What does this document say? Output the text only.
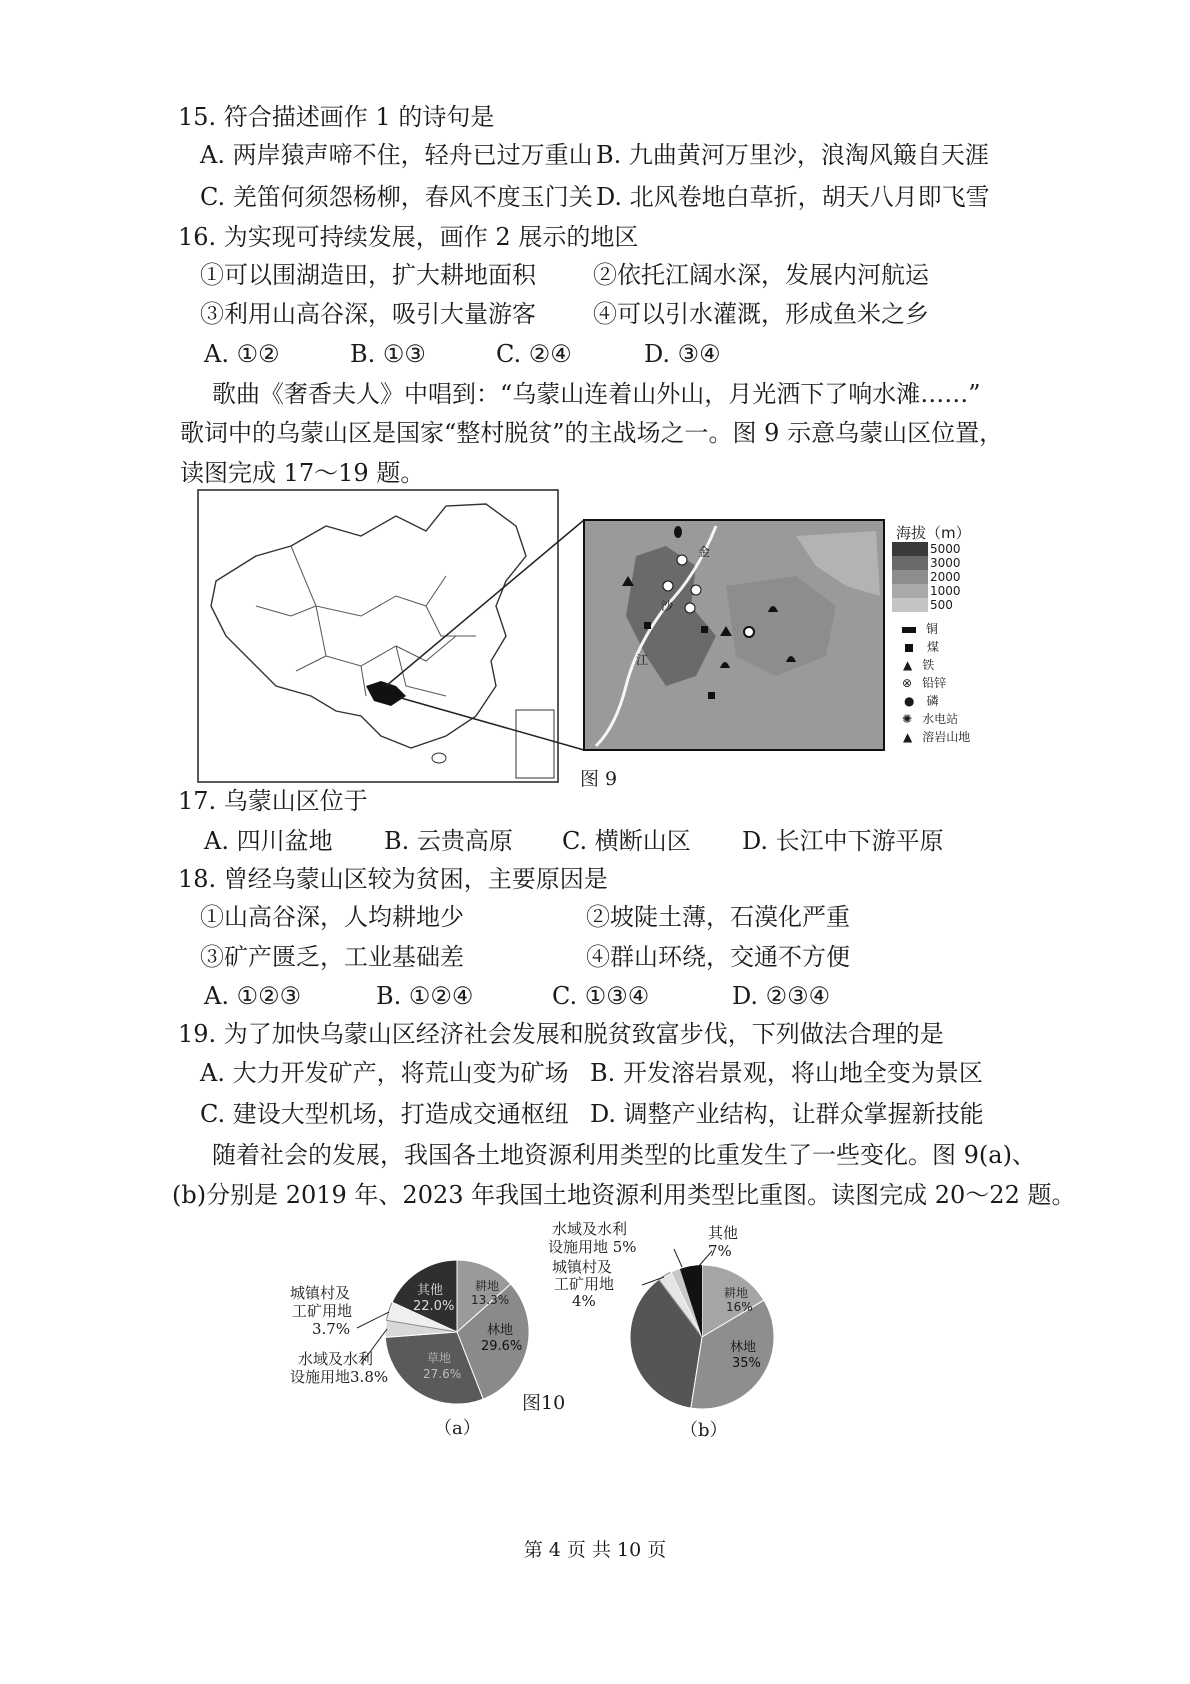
15. 符合描述画作 1 的诗句是
A. 两岸猿声啼不住，轻舟已过万重山 B. 九曲黄河万里沙，浪淘风簸自天涯
C. 羌笛何须怨杨柳，春风不度玉门关 D. 北风卷地白草折，胡天八月即飞雪
16. 为实现可持续发展，画作 2 展示的地区
①可以围湖造田，扩大耕地面积 ②依托江阔水深，发展内河航运
③利用山高谷深，吸引大量游客 ④可以引水灌溉，形成鱼米之乡
A. ①②	B. ①③	C. ②④	D. ③④
歌曲《奢香夫人》中唱到：“乌蒙山连着山外山，月光洒下了响水滩……”
歌词中的乌蒙山区是国家“整村脱贫”的主战场之一。图 9 示意乌蒙山区位置，
读图完成 17～19 题。
金
沙
江
海拔（m）
5000
3000
2000
1000
500
铜
煤
▲ 铁
⊗ 铅锌
● 磷
✺ 水电站
▲ 溶岩山地
图 9
17. 乌蒙山区位于
A. 四川盆地 B. 云贵高原 C. 横断山区 D. 长江中下游平原
18. 曾经乌蒙山区较为贫困，主要原因是
①山高谷深，人均耕地少	②坡陡土薄，石漠化严重
③矿产匮乏，工业基础差	④群山环绕，交通不方便
A. ①②③	B. ①②④	C. ①③④	D. ②③④
19. 为了加快乌蒙山区经济社会发展和脱贫致富步伐，下列做法合理的是
A. 大力开发矿产，将荒山变为矿场 B. 开发溶岩景观，将山地全变为景区
C. 建设大型机场，打造成交通枢纽 D. 调整产业结构，让群众掌握新技能
随着社会的发展，我国各土地资源利用类型的比重发生了一些变化。图 9(a)、
(b)分别是 2019 年、2023 年我国土地资源利用类型比重图。读图完成 20～22 题。
耕地
13.3%
林地
29.6%
草地
27.6%
其他
22.0%
耕地
16%
林地
35%
城镇村及
工矿用地
3.7%
水域及水利
设施用地3.8%
（a）
图10
水域及水利
设施用地 5%
其他
7%
城镇村及
工矿用地
4%
（b）
第 4 页 共 10 页
